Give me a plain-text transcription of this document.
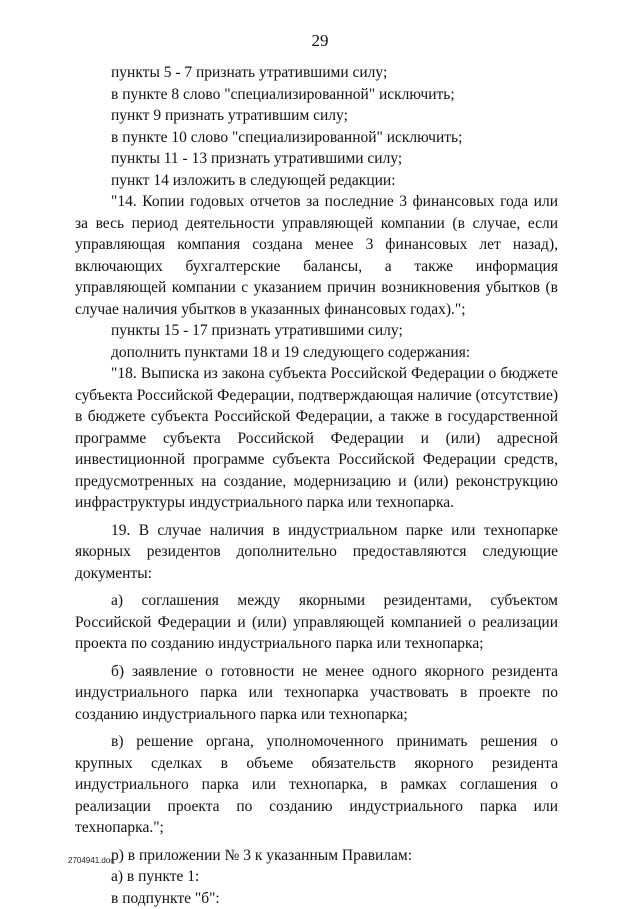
29

пункты 5 - 7 признать утратившими силу;

в пункте 8 слово "специализированной" исключить;

пункт 9 признать утратившим силу;

в пункте 10 слово "специализированной" исключить;

пункты 11 - 13 признать утратившими силу;

пункт 14 изложить в следующей редакции:

"14. Копии годовых отчетов за последние 3 финансовых года или за весь период деятельности управляющей компании (в случае, если управляющая компания создана менее 3 финансовых лет назад), включающих бухгалтерские балансы, а также информация управляющей компании с указанием причин возникновения убытков (в случае наличия убытков в указанных финансовых годах).";

пункты 15 - 17 признать утратившими силу;

дополнить пунктами 18 и 19 следующего содержания:

"18. Выписка из закона субъекта Российской Федерации о бюджете субъекта Российской Федерации, подтверждающая наличие (отсутствие) в бюджете субъекта Российской Федерации, а также в государственной программе субъекта Российской Федерации и (или) адресной инвестиционной программе субъекта Российской Федерации средств, предусмотренных на создание, модернизацию и (или) реконструкцию инфраструктуры индустриального парка или технопарка.

19. В случае наличия в индустриальном парке или технопарке якорных резидентов дополнительно предоставляются следующие документы:

а) соглашения между якорными резидентами, субъектом Российской Федерации и (или) управляющей компанией о реализации проекта по созданию индустриального парка или технопарка;

б) заявление о готовности не менее одного якорного резидента индустриального парка или технопарка участвовать в проекте по созданию индустриального парка или технопарка;

в) решение органа, уполномоченного принимать решения о крупных сделках в объеме обязательств якорного резидента индустриального парка или технопарка, в рамках соглашения о реализации проекта по созданию индустриального парка или технопарка.";

р) в приложении № 3 к указанным Правилам:

а) в пункте 1:

в подпункте "б":

2704941.doc
